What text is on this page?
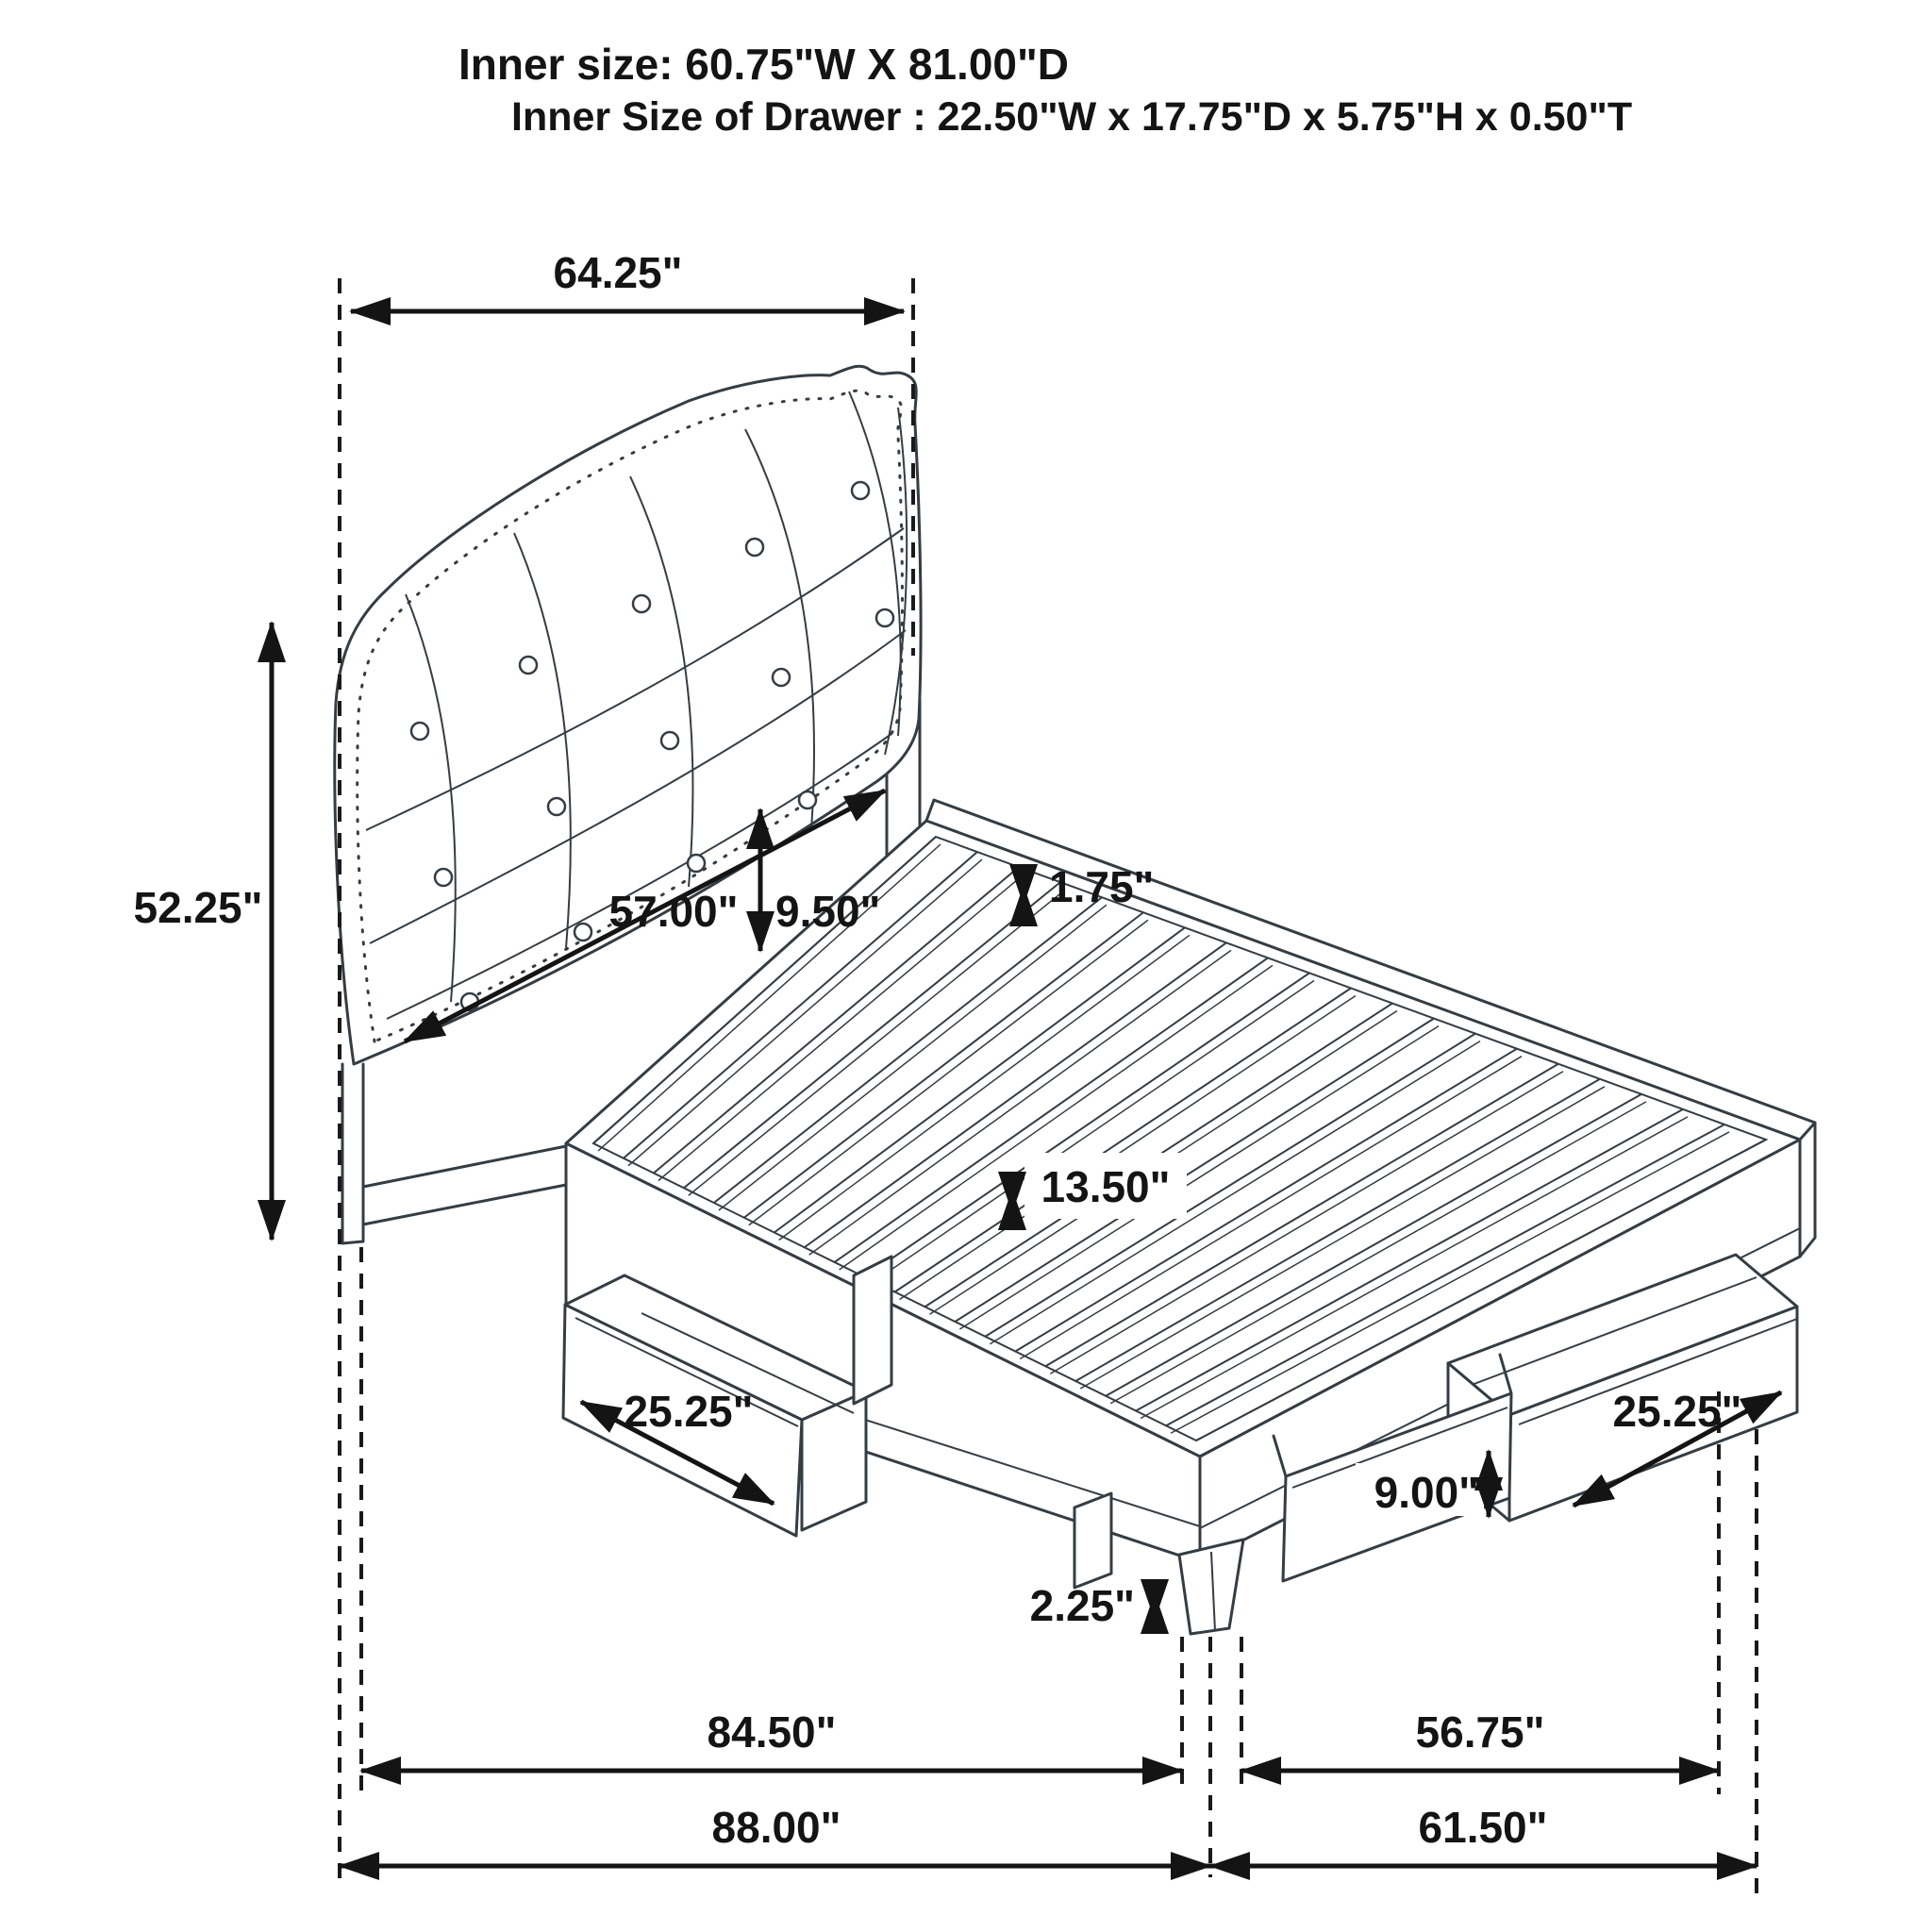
64.25"
52.25"	57.00" 9.50"	1.75"
13.50"
25.25"	25.25"
9.00"
2.25"
84.50"	56.75"
88.00"	61.50"
Inner size: 60.75"W X 81.00"D
Inner Size of Drawer : 22.50"W x 17.75"D x 5.75"H x 0.50"T
